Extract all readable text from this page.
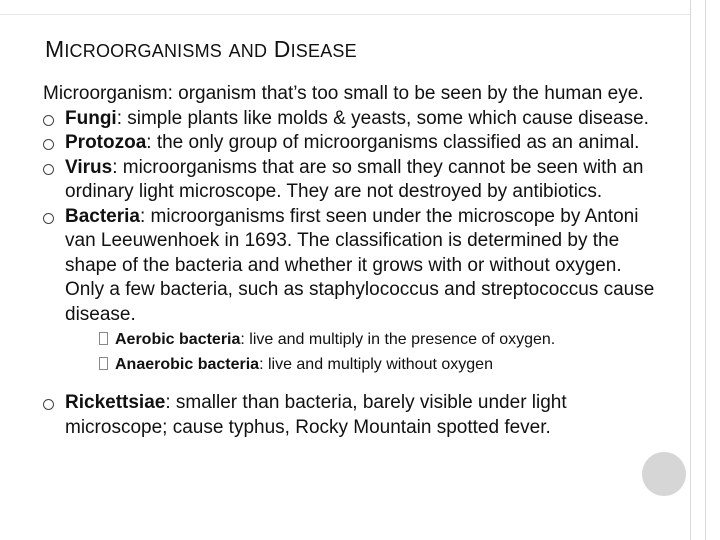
MICROORGANISMS AND DISEASE

Microorganism: organism that’s too small to be seen by the human eye.

Fungi: simple plants like molds & yeasts, some which cause disease.
Protozoa: the only group of microorganisms classified as an animal.
Virus: microorganisms that are so small they cannot be seen with an ordinary light microscope. They are not destroyed by antibiotics.
Bacteria: microorganisms first seen under the microscope by Antoni van Leeuwenhoek in 1693. The classification is determined by the shape of the bacteria and whether it grows with or without oxygen. Only a few bacteria, such as staphylococcus and streptococcus cause disease.
Aerobic bacteria: live and multiply in the presence of oxygen.
Anaerobic bacteria: live and multiply without oxygen
Rickettsiae: smaller than bacteria, barely visible under light microscope; cause typhus, Rocky Mountain spotted fever.
